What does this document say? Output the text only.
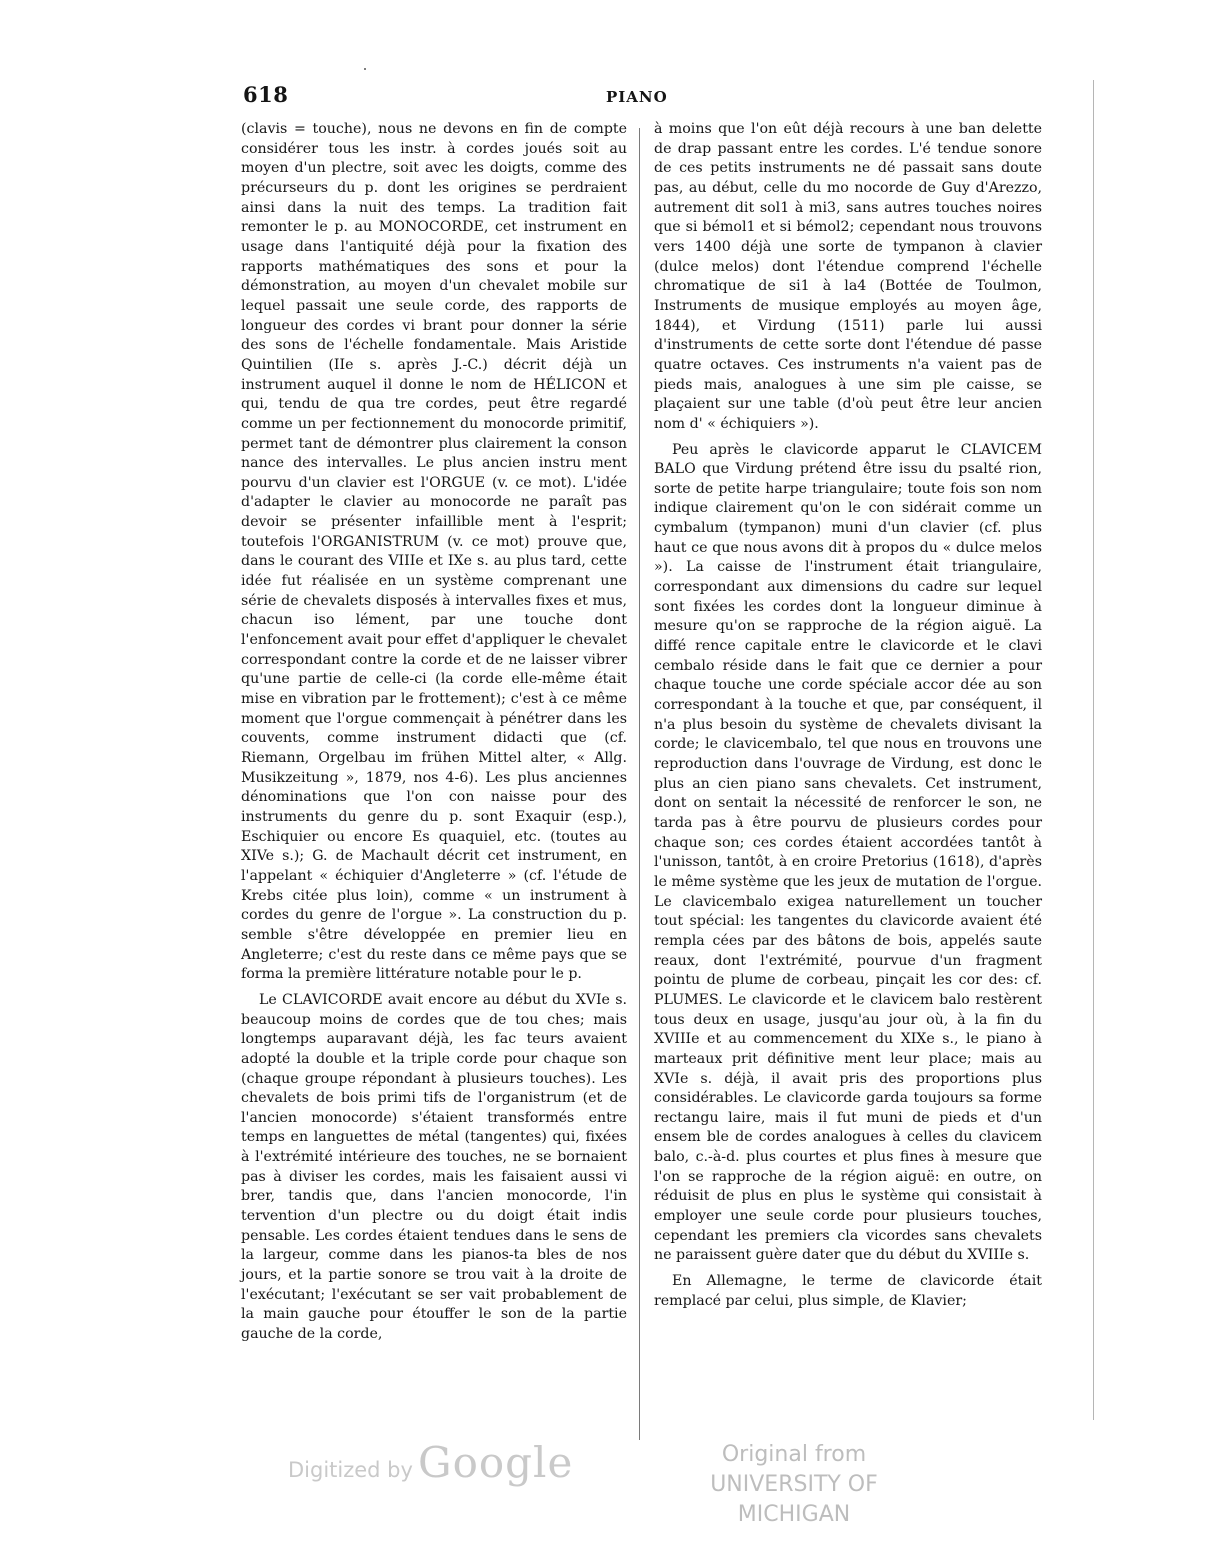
618	PIANO

(clavis = touche), nous ne devons en fin de compte considérer tous les instr. à cordes joués soit au moyen d'un plectre, soit avec les doigts, comme des précurseurs du p. dont les origines se perdraient ainsi dans la nuit des temps. La tradition fait remonter le p. au MONOCORDE, cet instrument en usage dans l'antiquité déjà pour la fixation des rapports mathématiques des sons et pour la démonstration, au moyen d'un chevalet mobile sur lequel passait une seule corde, des rapports de longueur des cordes vi brant pour donner la série des sons de l'échelle fondamentale. Mais Aristide Quintilien (IIe s. après J.-C.) décrit déjà un instrument auquel il donne le nom de HÉLICON et qui, tendu de qua tre cordes, peut être regardé comme un per fectionnement du monocorde primitif, permet tant de démontrer plus clairement la conson nance des intervalles. Le plus ancien instru ment pourvu d'un clavier est l'ORGUE (v. ce mot). L'idée d'adapter le clavier au monocorde ne paraît pas devoir se présenter infaillible ment à l'esprit; toutefois l'ORGANISTRUM (v. ce mot) prouve que, dans le courant des VIIIe et IXe s. au plus tard, cette idée fut réalisée en un système comprenant une série de chevalets disposés à intervalles fixes et mus, chacun iso lément, par une touche dont l'enfoncement avait pour effet d'appliquer le chevalet correspondant contre la corde et de ne laisser vibrer qu'une partie de celle-ci (la corde elle-même était mise en vibration par le frottement); c'est à ce même moment que l'orgue commençait à pénétrer dans les couvents, comme instrument didacti que (cf. Riemann, Orgelbau im frühen Mittel alter, « Allg. Musikzeitung », 1879, nos 4-6). Les plus anciennes dénominations que l'on con naisse pour des instruments du genre du p. sont Exaquir (esp.), Eschiquier ou encore Es quaquiel, etc. (toutes au XIVe s.); G. de Machault décrit cet instrument, en l'appelant « échiquier d'Angleterre » (cf. l'étude de Krebs citée plus loin), comme « un instrument à cordes du genre de l'orgue ». La construction du p. semble s'être développée en premier lieu en Angleterre; c'est du reste dans ce même pays que se forma la première littérature notable pour le p.

Le CLAVICORDE avait encore au début du XVIe s. beaucoup moins de cordes que de tou ches; mais longtemps auparavant déjà, les fac teurs avaient adopté la double et la triple corde pour chaque son (chaque groupe répondant à plusieurs touches). Les chevalets de bois primi tifs de l'organistrum (et de l'ancien monocorde) s'étaient transformés entre temps en languettes de métal (tangentes) qui, fixées à l'extrémité intérieure des touches, ne se bornaient pas à diviser les cordes, mais les faisaient aussi vi brer, tandis que, dans l'ancien monocorde, l'in tervention d'un plectre ou du doigt était indis pensable. Les cordes étaient tendues dans le sens de la largeur, comme dans les pianos-ta bles de nos jours, et la partie sonore se trou vait à la droite de l'exécutant; l'exécutant se ser vait probablement de la main gauche pour étouffer le son de la partie gauche de la corde,

à moins que l'on eût déjà recours à une ban delette de drap passant entre les cordes. L'é tendue sonore de ces petits instruments ne dé passait sans doute pas, au début, celle du mo nocorde de Guy d'Arezzo, autrement dit sol1 à mi3, sans autres touches noires que si bémol1 et si bémol2; cependant nous trouvons vers 1400 déjà une sorte de tympanon à clavier (dulce melos) dont l'étendue comprend l'échelle chromatique de si1 à la4 (Bottée de Toulmon, Instruments de musique employés au moyen âge, 1844), et Virdung (1511) parle lui aussi d'instruments de cette sorte dont l'étendue dé passe quatre octaves. Ces instruments n'a vaient pas de pieds mais, analogues à une sim ple caisse, se plaçaient sur une table (d'où peut être leur ancien nom d' « échiquiers »).

Peu après le clavicorde apparut le CLAVICEM BALO que Virdung prétend être issu du psalté rion, sorte de petite harpe triangulaire; toute fois son nom indique clairement qu'on le con sidérait comme un cymbalum (tympanon) muni d'un clavier (cf. plus haut ce que nous avons dit à propos du « dulce melos »). La caisse de l'instrument était triangulaire, correspondant aux dimensions du cadre sur lequel sont fixées les cordes dont la longueur diminue à mesure qu'on se rapproche de la région aiguë. La diffé rence capitale entre le clavicorde et le clavi cembalo réside dans le fait que ce dernier a pour chaque touche une corde spéciale accor dée au son correspondant à la touche et que, par conséquent, il n'a plus besoin du système de chevalets divisant la corde; le clavicembalo, tel que nous en trouvons une reproduction dans l'ouvrage de Virdung, est donc le plus an cien piano sans chevalets. Cet instrument, dont on sentait la nécessité de renforcer le son, ne tarda pas à être pourvu de plusieurs cordes pour chaque son; ces cordes étaient accordées tantôt à l'unisson, tantôt, à en croire Pretorius (1618), d'après le même système que les jeux de mutation de l'orgue. Le clavicembalo exigea naturellement un toucher tout spécial: les tangentes du clavicorde avaient été rempla cées par des bâtons de bois, appelés saute reaux, dont l'extrémité, pourvue d'un fragment pointu de plume de corbeau, pinçait les cor des: cf. PLUMES. Le clavicorde et le clavicem balo restèrent tous deux en usage, jusqu'au jour où, à la fin du XVIIIe et au commencement du XIXe s., le piano à marteaux prit définitive ment leur place; mais au XVIe s. déjà, il avait pris des proportions plus considérables. Le clavicorde garda toujours sa forme rectangu laire, mais il fut muni de pieds et d'un ensem ble de cordes analogues à celles du clavicem balo, c.-à-d. plus courtes et plus fines à mesure que l'on se rapproche de la région aiguë: en outre, on réduisit de plus en plus le système qui consistait à employer une seule corde pour plusieurs touches, cependant les premiers cla vicordes sans chevalets ne paraissent guère dater que du début du XVIIIe s.

En Allemagne, le terme de clavicorde était remplacé par celui, plus simple, de Klavier;

Digitized by Google	Original from
UNIVERSITY OF MICHIGAN
